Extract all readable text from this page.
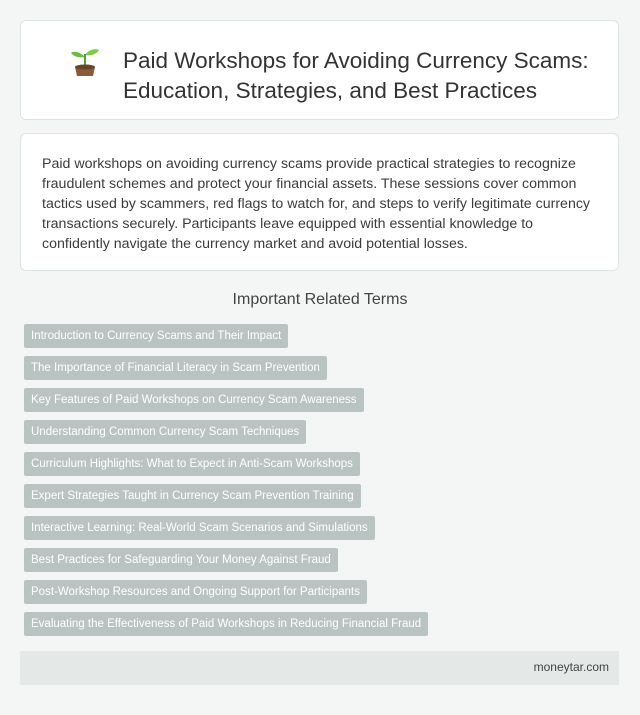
Paid Workshops for Avoiding Currency Scams: Education, Strategies, and Best Practices
Paid workshops on avoiding currency scams provide practical strategies to recognize fraudulent schemes and protect your financial assets. These sessions cover common tactics used by scammers, red flags to watch for, and steps to verify legitimate currency transactions securely. Participants leave equipped with essential knowledge to confidently navigate the currency market and avoid potential losses.
Important Related Terms
Introduction to Currency Scams and Their Impact
The Importance of Financial Literacy in Scam Prevention
Key Features of Paid Workshops on Currency Scam Awareness
Understanding Common Currency Scam Techniques
Curriculum Highlights: What to Expect in Anti-Scam Workshops
Expert Strategies Taught in Currency Scam Prevention Training
Interactive Learning: Real-World Scam Scenarios and Simulations
Best Practices for Safeguarding Your Money Against Fraud
Post-Workshop Resources and Ongoing Support for Participants
Evaluating the Effectiveness of Paid Workshops in Reducing Financial Fraud
moneytar.com
